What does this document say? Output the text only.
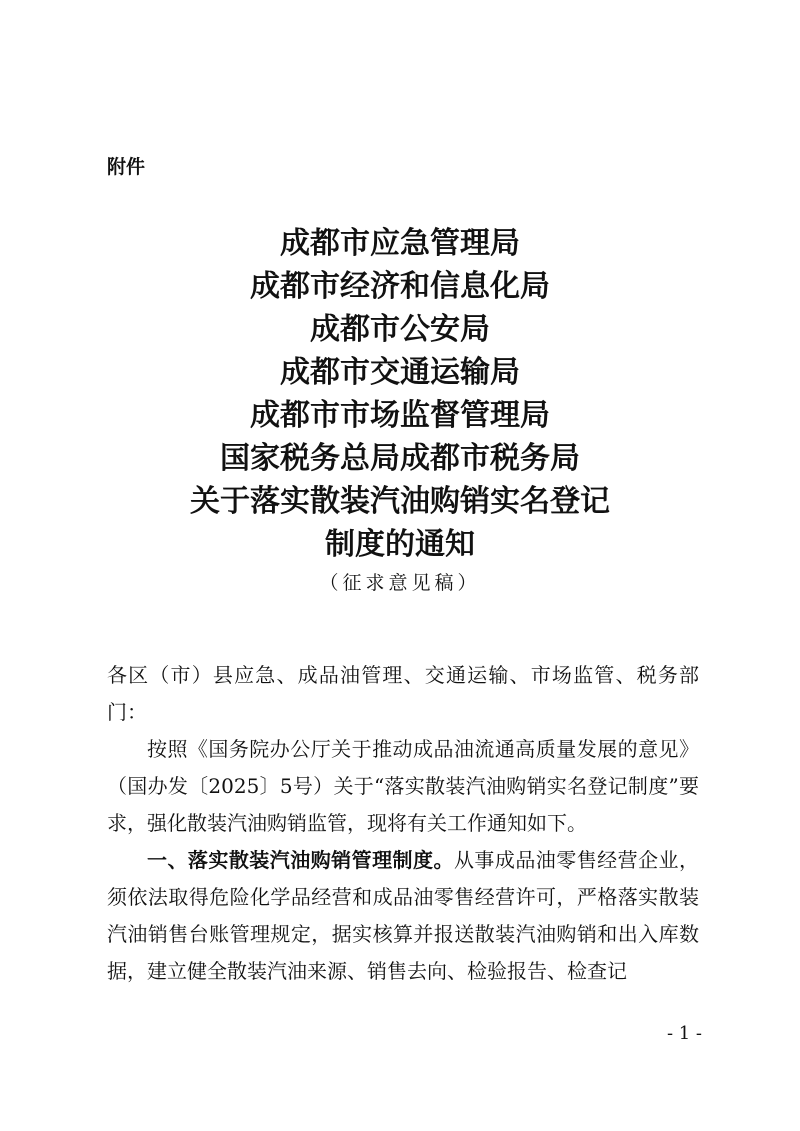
附件
成都市应急管理局
成都市经济和信息化局
成都市公安局
成都市交通运输局
成都市市场监督管理局
国家税务总局成都市税务局
关于落实散装汽油购销实名登记
制度的通知
（征求意见稿）

各区（市）县应急、成品油管理、交通运输、市场监管、税务部门：

按照《国务院办公厅关于推动成品油流通高质量发展的意见》（国办发〔2025〕5号）关于“落实散装汽油购销实名登记制度”要求，强化散装汽油购销监管，现将有关工作通知如下。

一、落实散装汽油购销管理制度。从事成品油零售经营企业，须依法取得危险化学品经营和成品油零售经营许可，严格落实散装汽油销售台账管理规定，据实核算并报送散装汽油购销和出入库数据，建立健全散装汽油来源、销售去向、检验报告、检查记

- 1 -
